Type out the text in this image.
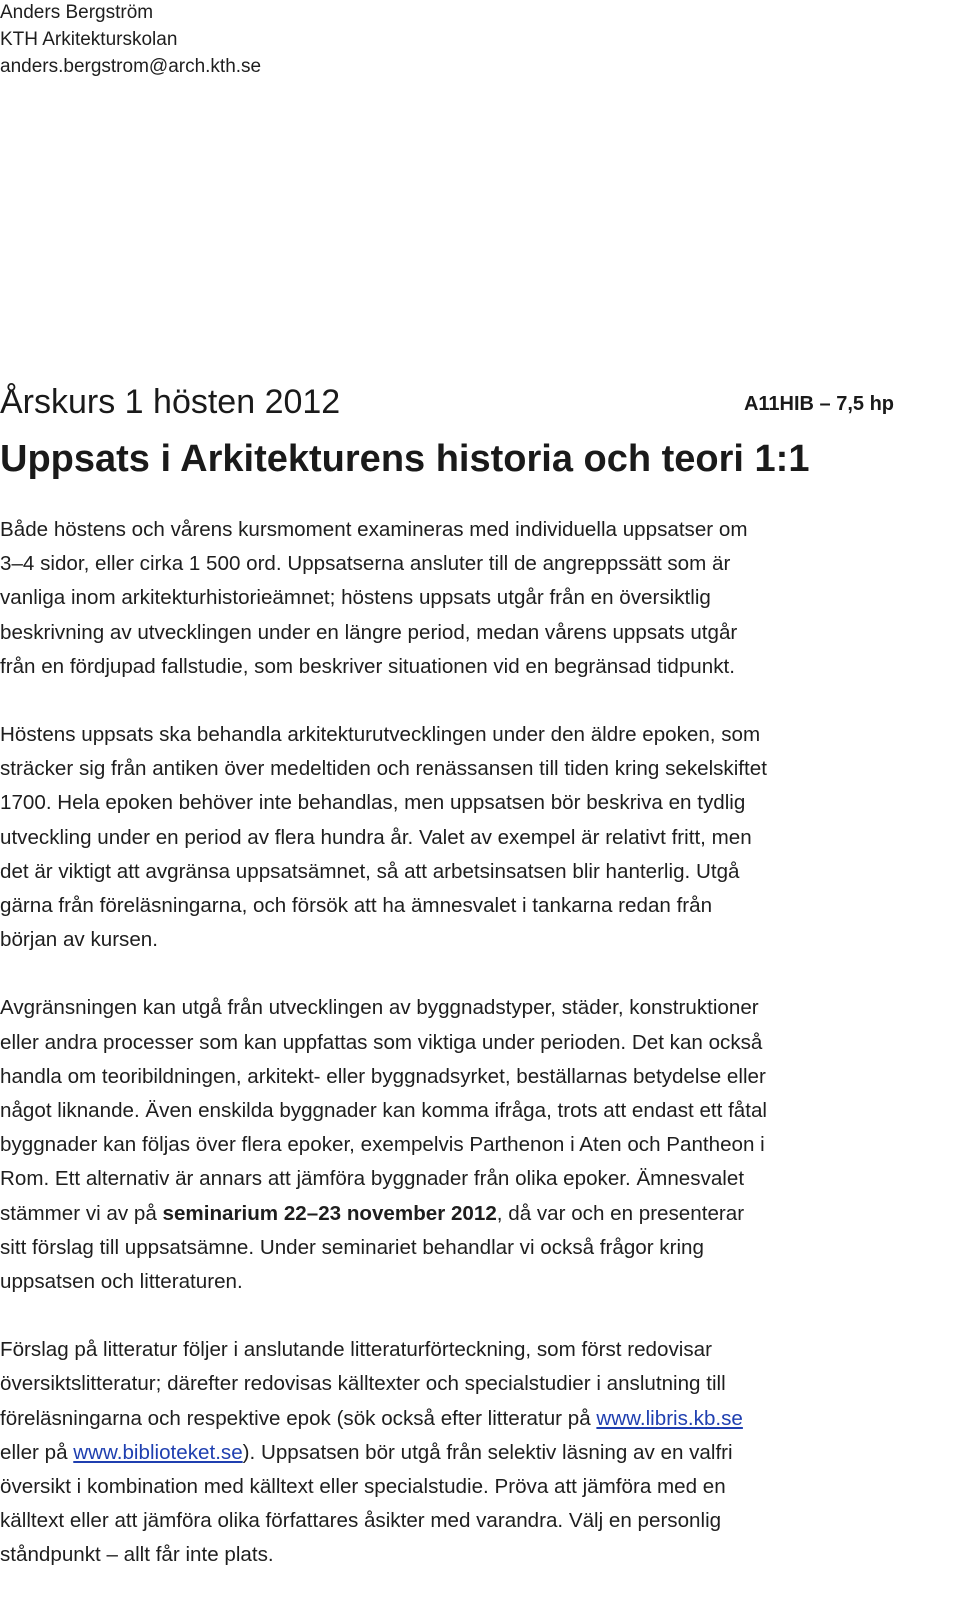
Anders Bergström
KTH Arkitekturskolan
anders.bergstrom@arch.kth.se
Årskurs 1 hösten 2012	A11HIB – 7,5 hp
Uppsats i Arkitekturens historia och teori 1:1

Både höstens och vårens kursmoment examineras med individuella uppsatser om
3–4 sidor, eller cirka 1 500 ord. Uppsatserna ansluter till de angreppssätt som är
vanliga inom arkitekturhistorieämnet; höstens uppsats utgår från en översiktlig
beskrivning av utvecklingen under en längre period, medan vårens uppsats utgår
från en fördjupad fallstudie, som beskriver situationen vid en begränsad tidpunkt.

Höstens uppsats ska behandla arkitekturutvecklingen under den äldre epoken, som
sträcker sig från antiken över medeltiden och renässansen till tiden kring sekelskiftet
1700. Hela epoken behöver inte behandlas, men uppsatsen bör beskriva en tydlig
utveckling under en period av flera hundra år. Valet av exempel är relativt fritt, men
det är viktigt att avgränsa uppsatsämnet, så att arbetsinsatsen blir hanterlig. Utgå
gärna från föreläsningarna, och försök att ha ämnesvalet i tankarna redan från
början av kursen.

Avgränsningen kan utgå från utvecklingen av byggnadstyper, städer, konstruktioner
eller andra processer som kan uppfattas som viktiga under perioden. Det kan också
handla om teoribildningen, arkitekt- eller byggnadsyrket, beställarnas betydelse eller
något liknande. Även enskilda byggnader kan komma ifråga, trots att endast ett fåtal
byggnader kan följas över flera epoker, exempelvis Parthenon i Aten och Pantheon i
Rom. Ett alternativ är annars att jämföra byggnader från olika epoker. Ämnesvalet
stämmer vi av på seminarium 22–23 november 2012, då var och en presenterar
sitt förslag till uppsatsämne. Under seminariet behandlar vi också frågor kring
uppsatsen och litteraturen.

Förslag på litteratur följer i anslutande litteraturförteckning, som först redovisar
översiktslitteratur; därefter redovisas källtexter och specialstudier i anslutning till
föreläsningarna och respektive epok (sök också efter litteratur på www.libris.kb.se
eller på www.biblioteket.se). Uppsatsen bör utgå från selektiv läsning av en valfri
översikt i kombination med källtext eller specialstudie. Pröva att jämföra med en
källtext eller att jämföra olika författares åsikter med varandra. Välj en personlig
ståndpunkt – allt får inte plats.
